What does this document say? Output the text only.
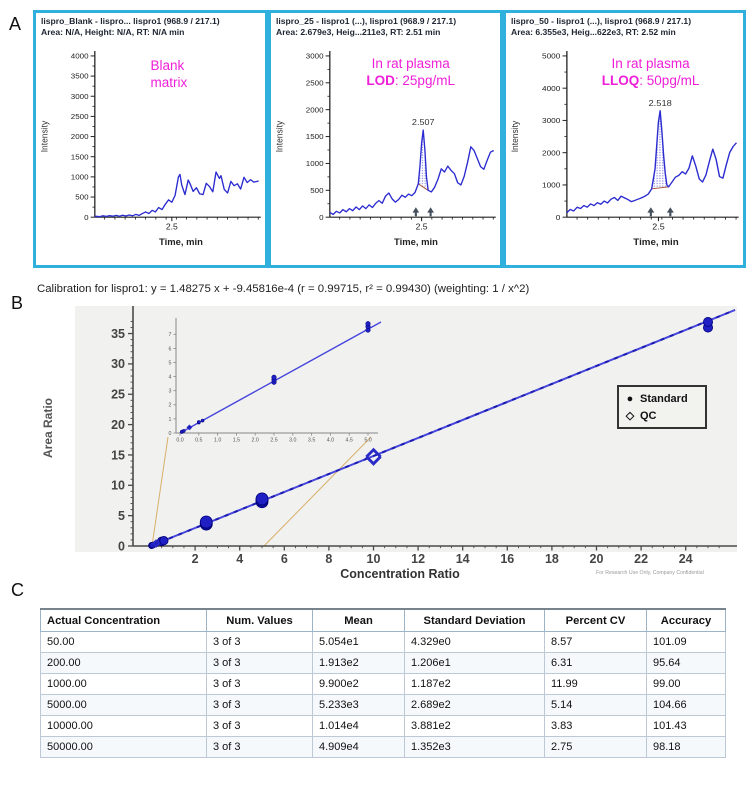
A
B
C
lispro_Blank - lispro... lispro1 (968.9 / 217.1)
Area: N/A, Height: N/A, RT: N/A min
0
500
1000
1500
2000
2500
3000
3500
4000
2.5
Time, min
Intensity
Blank
matrix
lispro_25 - lispro1 (...), lispro1 (968.9 / 217.1)
Area: 2.679e3, Heig...211e3, RT: 2.51 min
0
500
1000
1500
2000
2500
3000
2.5
Time, min
Intensity	2.507
In rat plasma
LOD: 25pg/mL
lispro_50 - lispro1 (...), lispro1 (968.9 / 217.1)
Area: 6.355e3, Heig...622e3, RT: 2.52 min
0
1000
2000
3000
4000
5000
2.5
Time, min
Intensity
2.518
In rat plasma
LLOQ: 50pg/mL
Calibration for lispro1: y = 1.48275 x + -9.45816e-4 (r = 0.99715, r² = 0.99430) (weighting: 1 / x^2)
2	4	6	8	10 12 14 16 18 20 22 24
0
5
10
15
20
25
30
35
Concentration Ratio
Area Ratio	0.0 0.5 1.0 1.5 2.0 2.5 3.0 3.5 4.0 4.5 5.0
0
1
2
3
4
5
6
7
For Research Use Only, Company Confidential
● Standard
◇ QC
Actual Concentration	Num. Values	Mean	Standard Deviation	Percent CV	Accuracy
50.00	3 of 3	5.054e1	4.329e0	8.57	101.09
200.00	3 of 3	1.913e2	1.206e1	6.31	95.64
1000.00	3 of 3	9.900e2	1.187e2	11.99	99.00
5000.00	3 of 3	5.233e3	2.689e2	5.14	104.66
10000.00	3 of 3	1.014e4	3.881e2	3.83	101.43
50000.00	3 of 3	4.909e4	1.352e3	2.75	98.18
